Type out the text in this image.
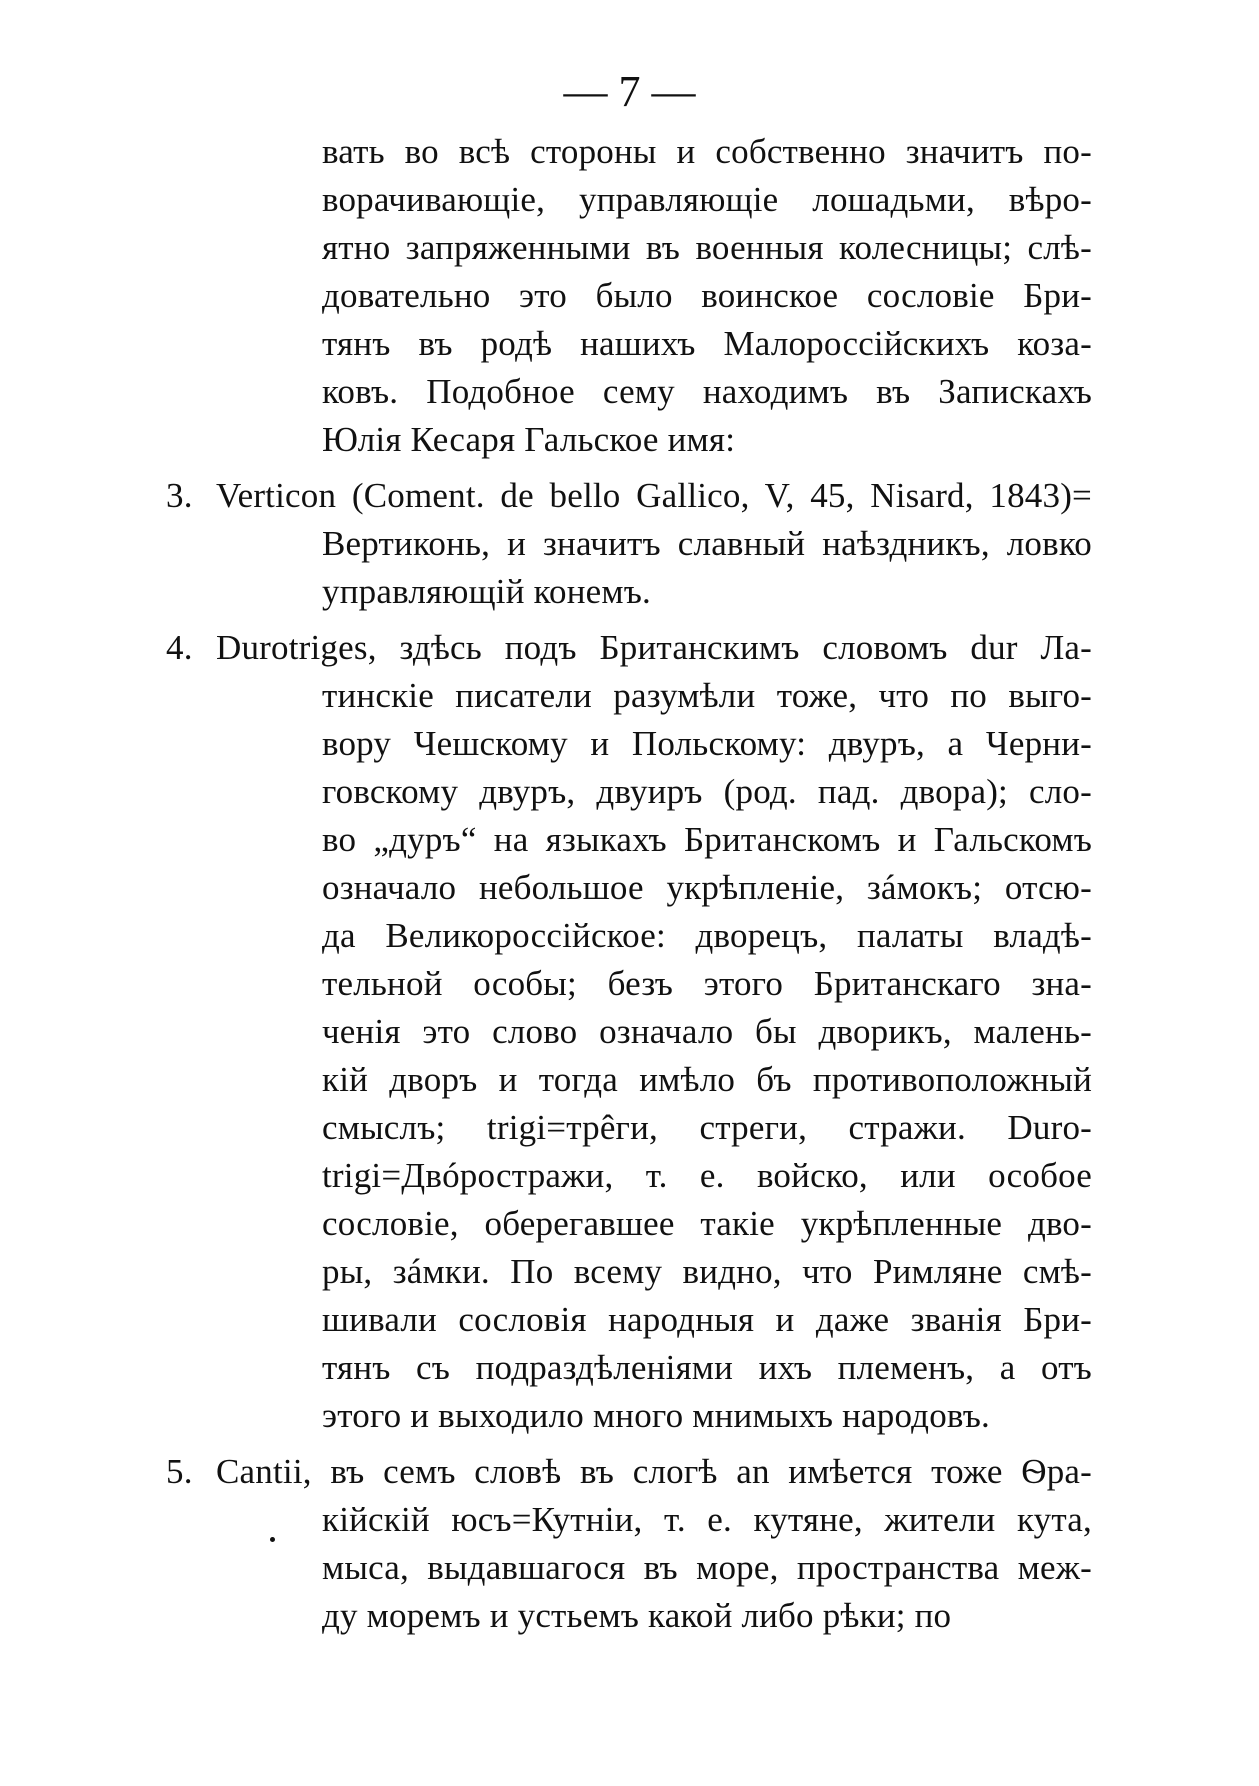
— 7 —
вать во всѣ стороны и собственно значитъ по-
ворачивающіе, управляющіе лошадьми, вѣро-
ятно запряженными въ военныя колесницы; слѣ-
довательно это было воинское сословіе Бри-
тянъ въ родѣ нашихъ Малороссійскихъ коза-
ковъ. Подобное сему находимъ въ Запискахъ
Юлія Кесаря Гальское имя:
3. Verticon (Coment. de bello Gallico, V, 45, Nisard, 1843)=
Вертиконь, и значитъ славный наѣздникъ, ловко
управляющій конемъ.
4. Durotriges, здѣсь подъ Британскимъ словомъ dur Ла-
тинскіе писатели разумѣли тоже, что по выго-
вору Чешскому и Польскому: двуръ, а Черни-
говскому двуръ, двуиръ (род. пад. двора); сло-
во „дуръ“ на языкахъ Британскомъ и Гальскомъ
означало небольшое укрѣпленіе, зáмокъ; отсю-
да Великороссійское: дворецъ, палаты владѣ-
тельной особы; безъ этого Британскаго зна-
ченія это слово означало бы дворикъ, малень-
кій дворъ и тогда имѣло бъ противоположный
смыслъ; trigi=трêги, стреги, стражи. Duro-
trigi=Двóростражи, т. е. войско, или особое
сословіе, оберегавшее такіе укрѣпленные дво-
ры, зáмки. По всему видно, что Римляне смѣ-
шивали сословія народныя и даже званія Бри-
тянъ съ подраздѣленіями ихъ племенъ, а отъ
этого и выходило много мнимыхъ народовъ.
5. Cantii, въ семъ словѣ въ слогѣ an имѣется тоже Ѳра-
кійскій юсъ=Кутніи, т. е. кутяне, жители кута,
мыса, выдавшагося въ море, пространства меж-
ду моремъ и устьемъ какой либо рѣки; по
